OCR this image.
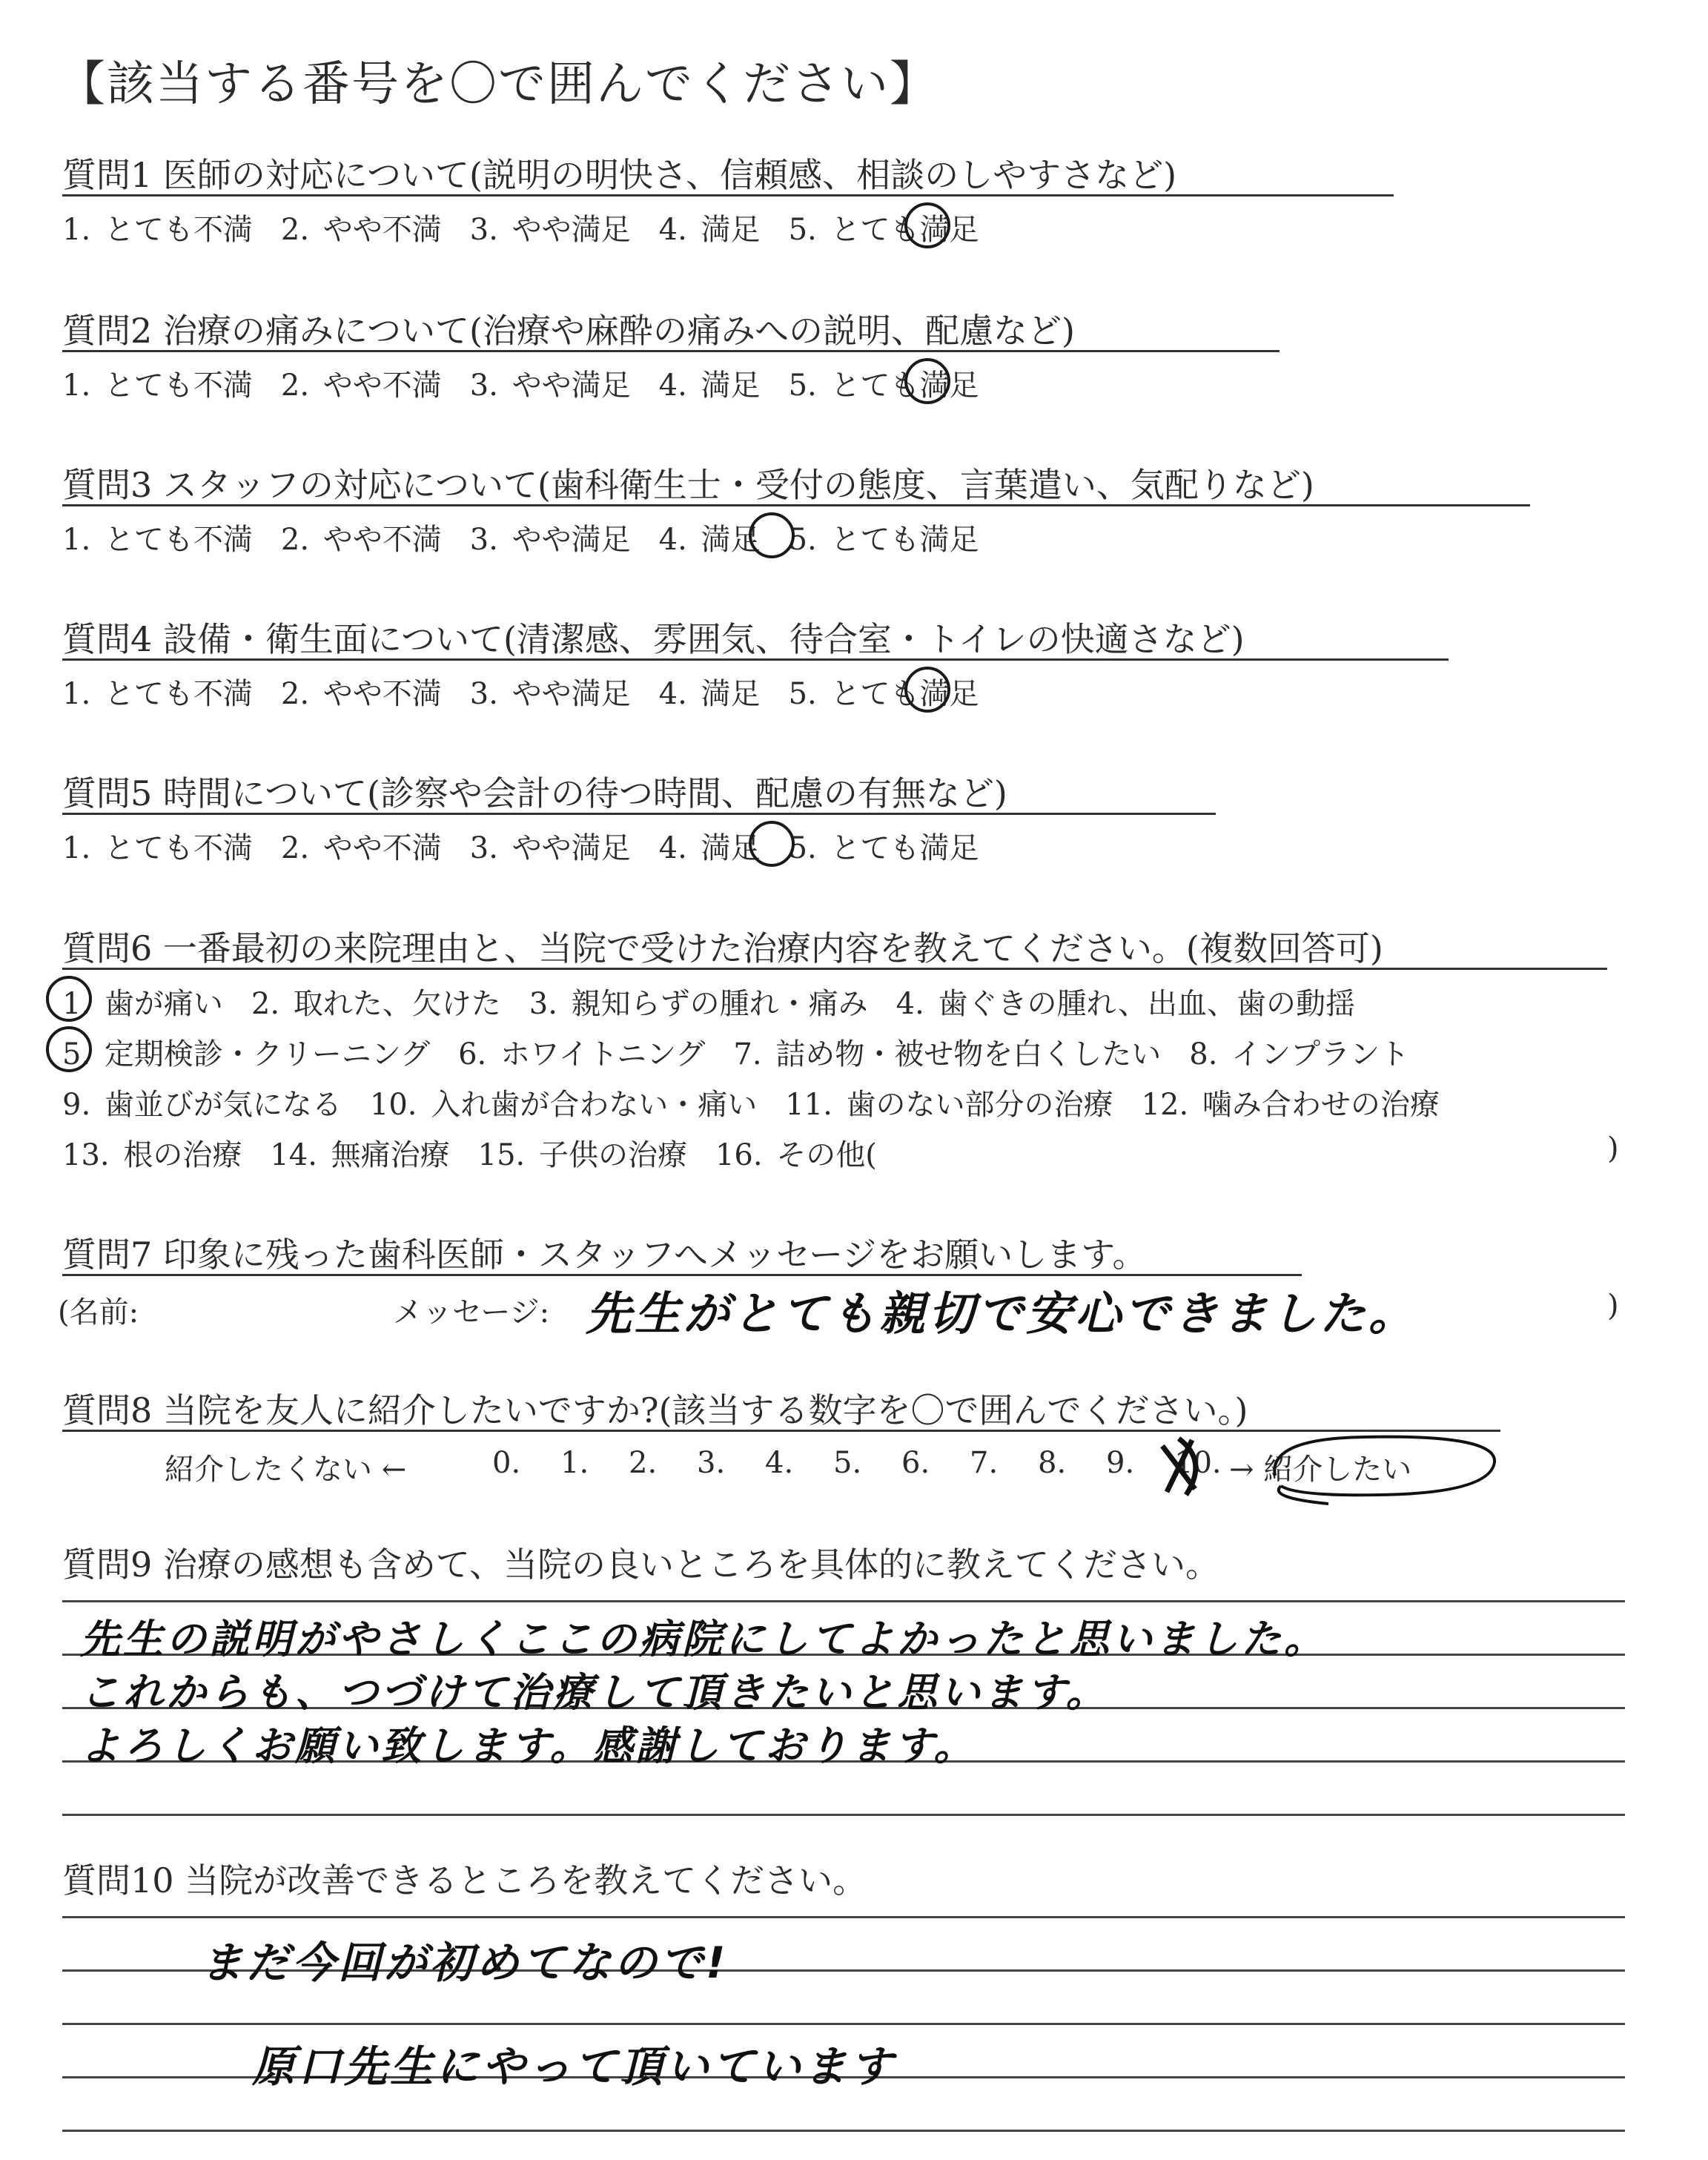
【該当する番号を〇で囲んでください】
質問1 医師の対応について(説明の明快さ、信頼感、相談のしやすさなど)
1. とても不満 2. やや不満 3. やや満足 4. 満足 5. とても満足
質問2 治療の痛みについて(治療や麻酔の痛みへの説明、配慮など)
1. とても不満 2. やや不満 3. やや満足 4. 満足 5. とても満足
質問3 スタッフの対応について(歯科衛生士・受付の態度、言葉遣い、気配りなど)
1. とても不満 2. やや不満 3. やや満足 4. 満足 5. とても満足
質問4 設備・衛生面について(清潔感、雰囲気、待合室・トイレの快適さなど)
1. とても不満 2. やや不満 3. やや満足 4. 満足 5. とても満足
質問5 時間について(診察や会計の待つ時間、配慮の有無など)
1. とても不満 2. やや不満 3. やや満足 4. 満足 5. とても満足
質問6 一番最初の来院理由と、当院で受けた治療内容を教えてください。(複数回答可)
1. 歯が痛い 2. 取れた、欠けた 3. 親知らずの腫れ・痛み 4. 歯ぐきの腫れ、出血、歯の動揺
5. 定期検診・クリーニング 6. ホワイトニング 7. 詰め物・被せ物を白くしたい 8. インプラント
9. 歯並びが気になる 10. 入れ歯が合わない・痛い 11. 歯のない部分の治療 12. 噛み合わせの治療
13. 根の治療 14. 無痛治療 15. 子供の治療 16. その他(	)
質問7 印象に残った歯科医師・スタッフへメッセージをお願いします。
(名前:	メッセージ: 先生がとても親切で安心できました。	)
質問8 当院を友人に紹介したいですか?(該当する数字を〇で囲んでください。)
紹介したくない ←	0. 1. 2. 3. 4. 5. 6. 7. 8. 9. 10. → 紹介したい
質問9 治療の感想も含めて、当院の良いところを具体的に教えてください。
先生の説明がやさしくここの病院にしてよかったと思いました。
これからも、つづけて治療して頂きたいと思います。
よろしくお願い致します。感謝しております。
質問10 当院が改善できるところを教えてください。
まだ今回が初めてなので!
原口先生にやって頂いています
